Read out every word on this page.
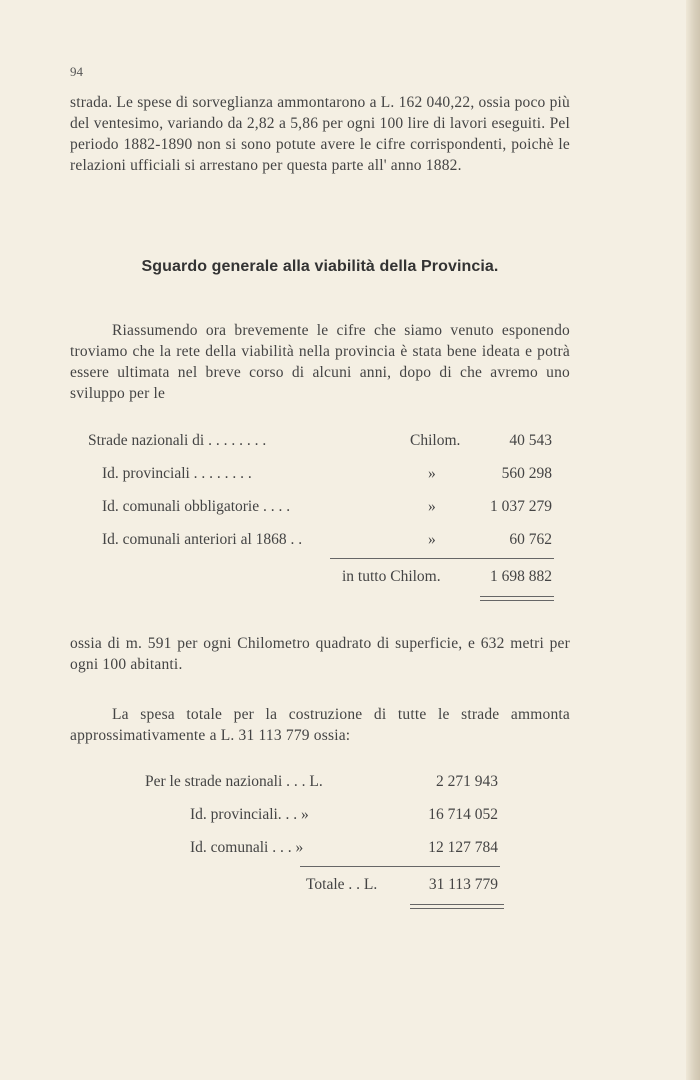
94

strada. Le spese di sorveglianza ammontarono a L. 162 040,22, ossia poco più del ventesimo, variando da 2,82 a 5,86 per ogni 100 lire di lavori eseguiti. Pel periodo 1882-1890 non si sono potute avere le cifre corrispondenti, poichè le relazioni ufficiali si arrestano per questa parte all' anno 1882.

Sguardo generale alla viabilità della Provincia.

Riassumendo ora brevemente le cifre che siamo venuto esponendo troviamo che la rete della viabilità nella provincia è stata bene ideata e potrà essere ultimata nel breve corso di alcuni anni, dopo di che avremo uno sviluppo per le

Strade nazionali di . . . . . . . .	Chilom.	40 543
Id. provinciali . . . . . . . .	»	560 298
Id. comunali obbligatorie . . . .	»	1 037 279
Id. comunali anteriori al 1868 . .	»	60 762
in tutto Chilom.	1 698 882

ossia di m. 591 per ogni Chilometro quadrato di superficie, e 632 metri per ogni 100 abitanti.

La spesa totale per la costruzione di tutte le strade ammonta approssimativamente a L. 31 113 779 ossia:

Per le strade nazionali . . . L.	2 271 943
Id. provinciali. . . »	16 714 052
Id. comunali . . . »	12 127 784
Totale . . L.	31 113 779
